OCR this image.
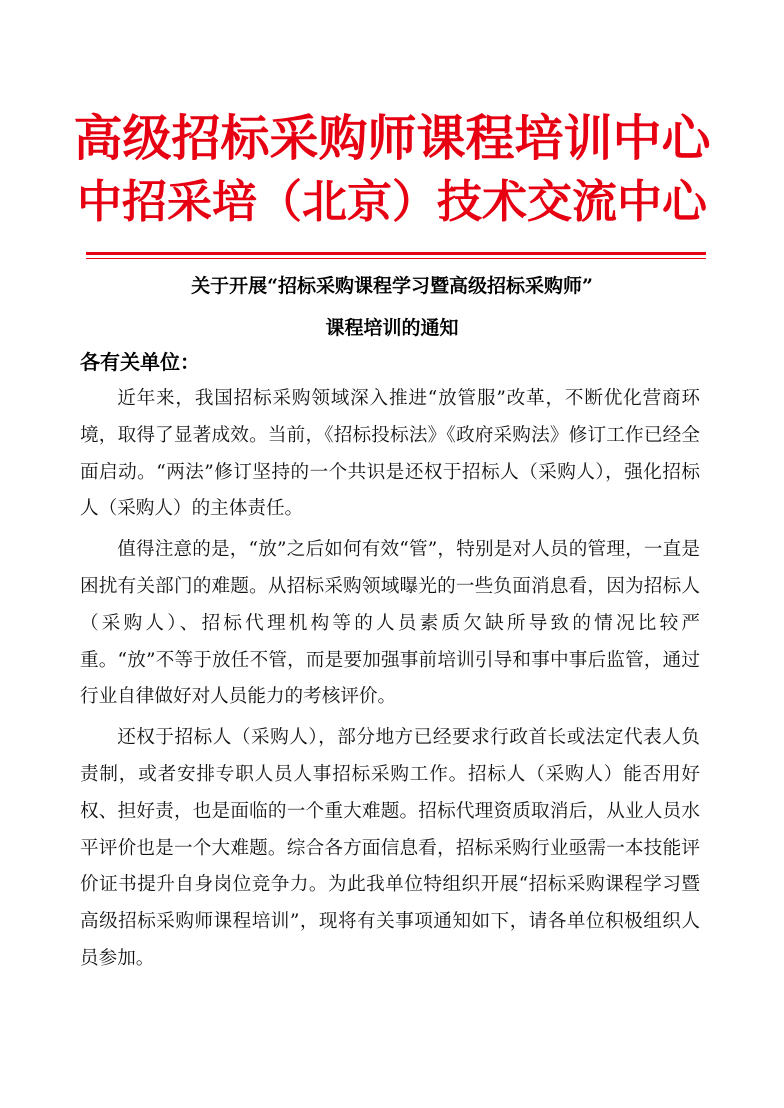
高级招标采购师课程培训中心
中招采培（北京）技术交流中心
关于开展“招标采购课程学习暨高级招标采购师”
课程培训的通知
各有关单位：

近年来，我国招标采购领域深入推进“放管服”改革，不断优化营商环境，取得了显著成效。当前，《招标投标法》《政府采购法》修订工作已经全面启动。“两法”修订坚持的一个共识是还权于招标人（采购人），强化招标人（采购人）的主体责任。

值得注意的是，“放”之后如何有效“管”，特别是对人员的管理，一直是困扰有关部门的难题。从招标采购领域曝光的一些负面消息看，因为招标人（采购人）、招标代理机构等的人员素质欠缺所导致的情况比较严重。“放”不等于放任不管，而是要加强事前培训引导和事中事后监管，通过行业自律做好对人员能力的考核评价。

还权于招标人（采购人），部分地方已经要求行政首长或法定代表人负责制，或者安排专职人员人事招标采购工作。招标人（采购人）能否用好权、担好责，也是面临的一个重大难题。招标代理资质取消后，从业人员水平评价也是一个大难题。综合各方面信息看，招标采购行业亟需一本技能评价证书提升自身岗位竞争力。为此我单位特组织开展“招标采购课程学习暨高级招标采购师课程培训”，现将有关事项通知如下，请各单位积极组织人员参加。
